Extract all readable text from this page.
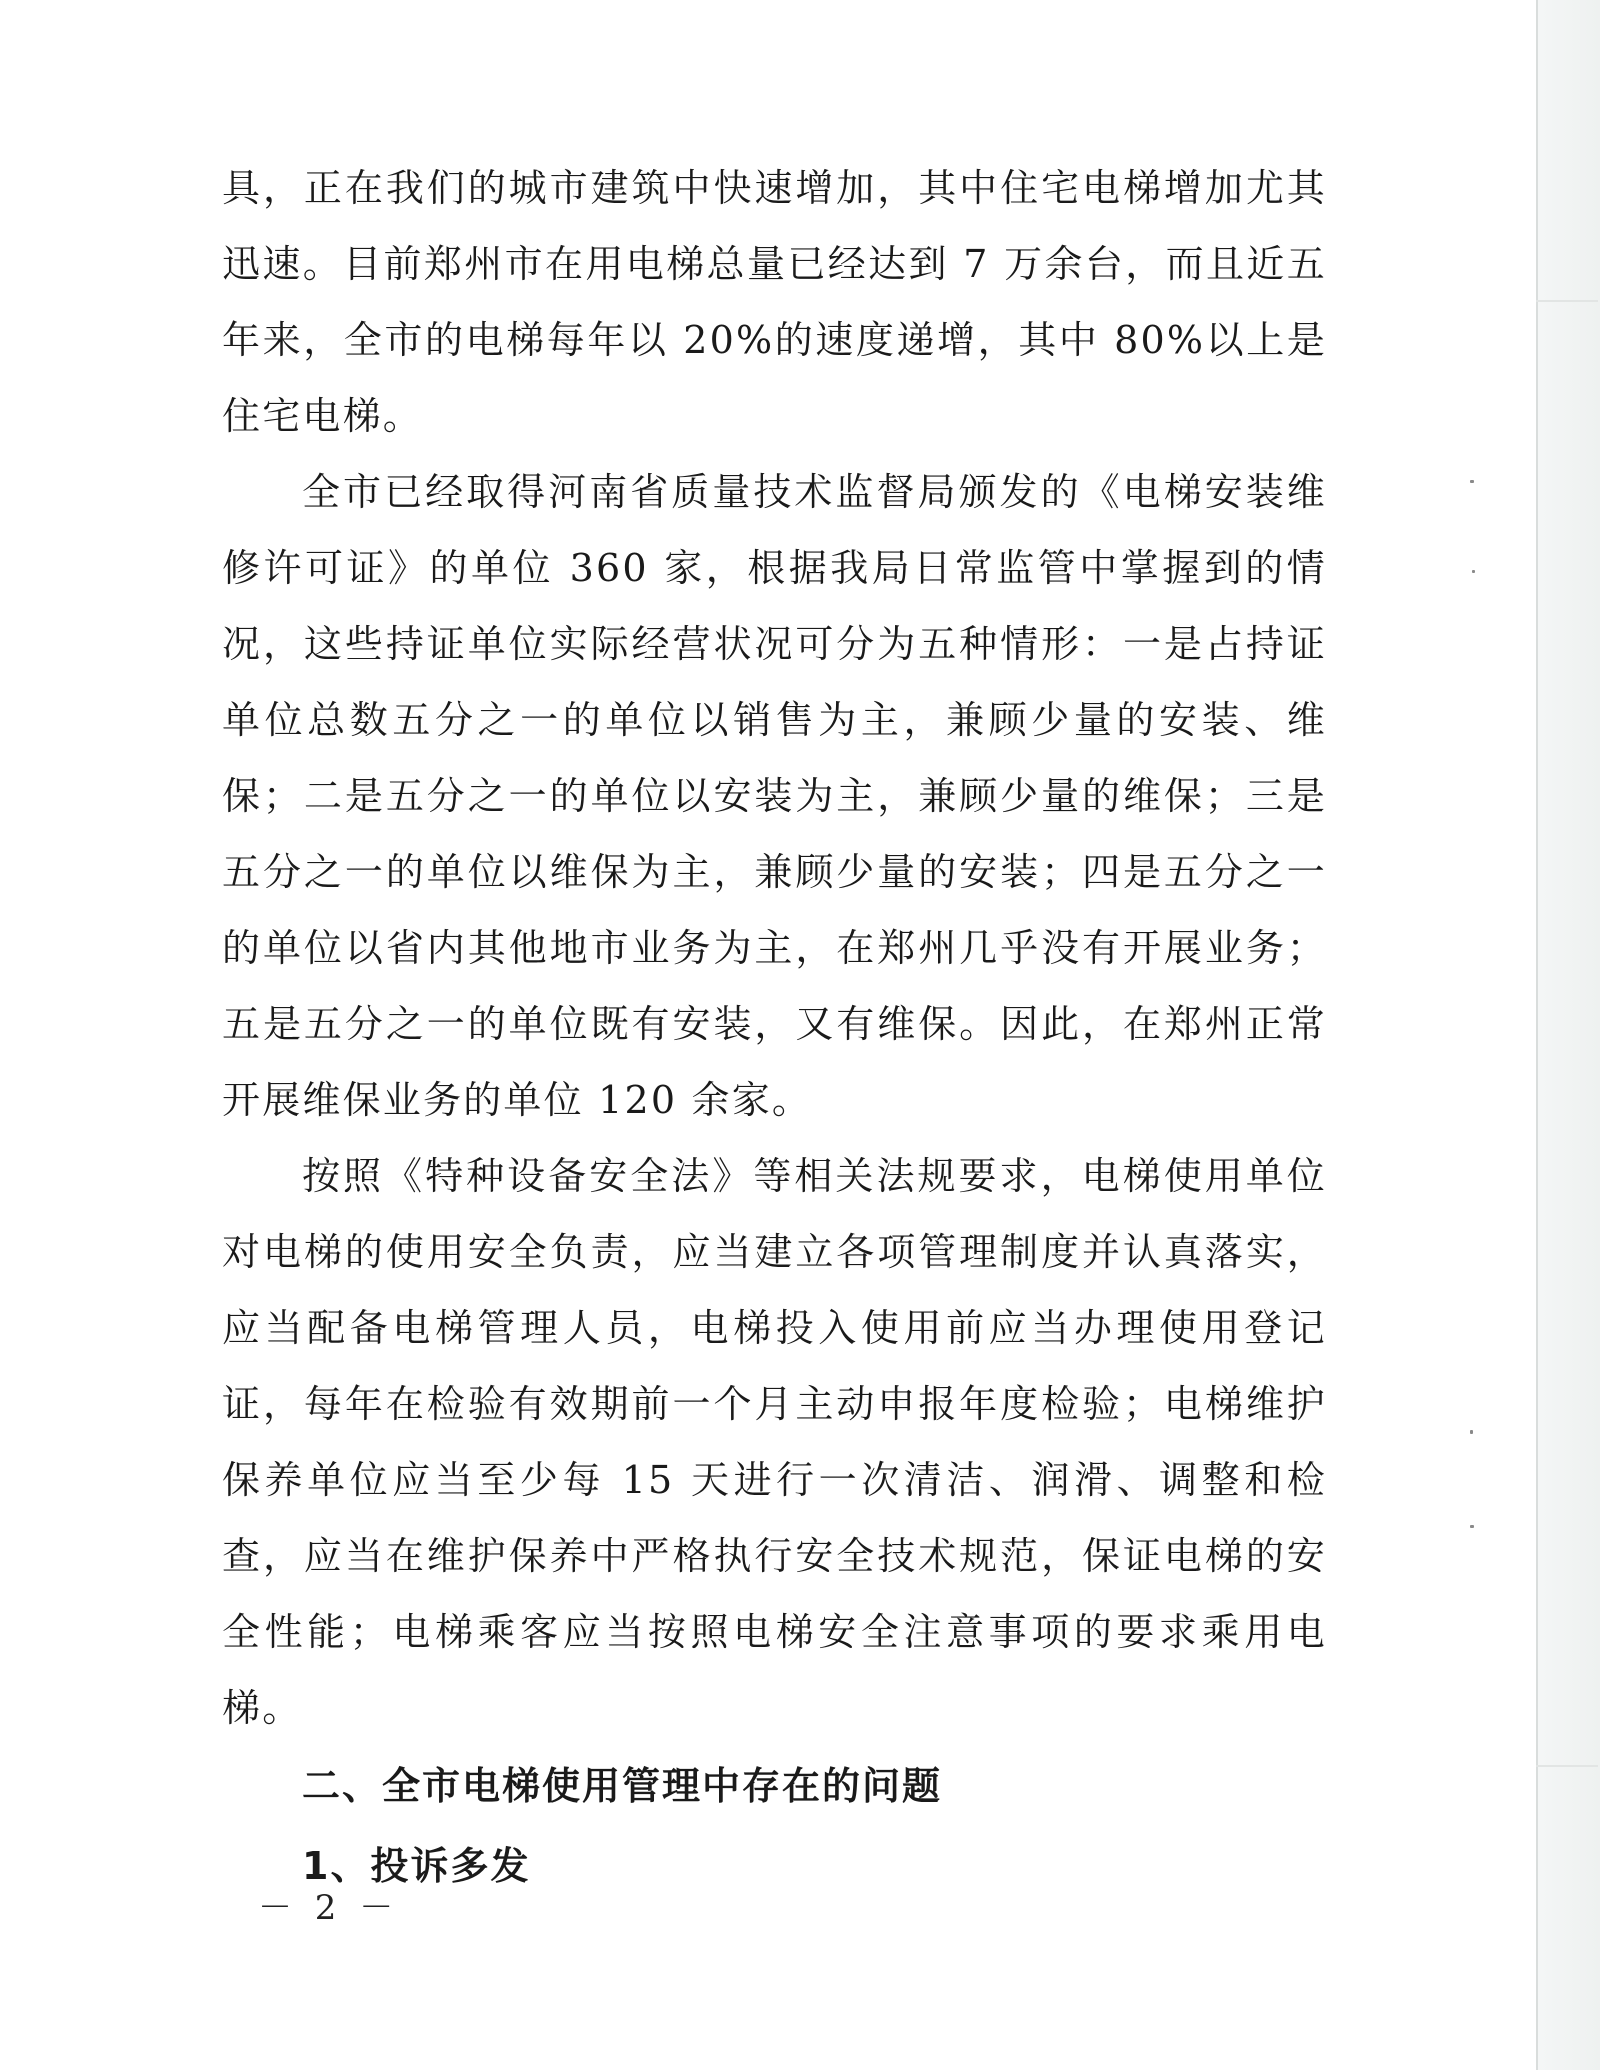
具，正在我们的城市建筑中快速增加，其中住宅电梯增加尤其迅速。目前郑州市在用电梯总量已经达到 7 万余台，而且近五年来，全市的电梯每年以 20%的速度递增，其中 80%以上是住宅电梯。

全市已经取得河南省质量技术监督局颁发的《电梯安装维修许可证》的单位 360 家，根据我局日常监管中掌握到的情况，这些持证单位实际经营状况可分为五种情形：一是占持证单位总数五分之一的单位以销售为主，兼顾少量的安装、维保；二是五分之一的单位以安装为主，兼顾少量的维保；三是五分之一的单位以维保为主，兼顾少量的安装；四是五分之一的单位以省内其他地市业务为主，在郑州几乎没有开展业务；五是五分之一的单位既有安装，又有维保。因此，在郑州正常开展维保业务的单位 120 余家。

按照《特种设备安全法》等相关法规要求，电梯使用单位对电梯的使用安全负责，应当建立各项管理制度并认真落实，应当配备电梯管理人员，电梯投入使用前应当办理使用登记证，每年在检验有效期前一个月主动申报年度检验；电梯维护保养单位应当至少每 15 天进行一次清洁、润滑、调整和检查，应当在维护保养中严格执行安全技术规范，保证电梯的安全性能；电梯乘客应当按照电梯安全注意事项的要求乘用电梯。

二、全市电梯使用管理中存在的问题
1、投诉多发
－ 2 －
